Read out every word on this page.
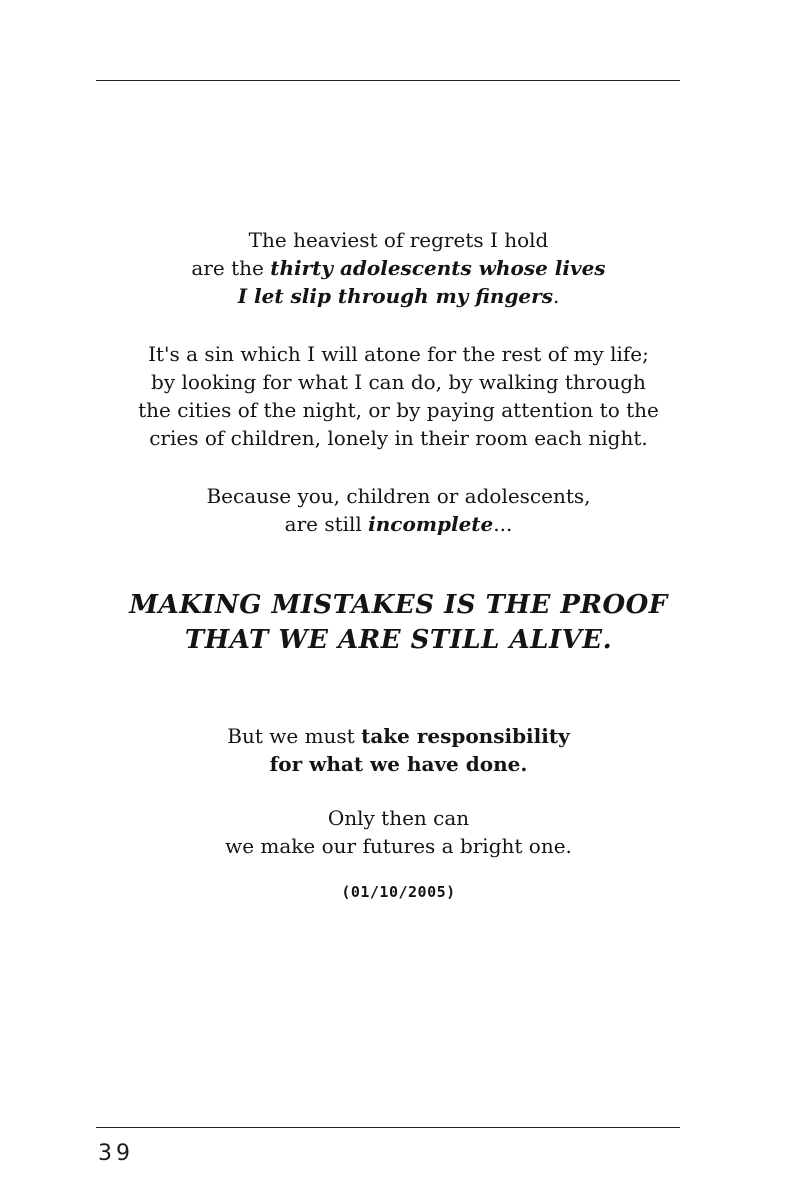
The heaviest of regrets I hold
are the thirty adolescents whose lives
I let slip through my fingers.

It's a sin which I will atone for the rest of my life;
by looking for what I can do, by walking through
the cities of the night, or by paying attention to the
cries of children, lonely in their room each night.

Because you, children or adolescents,
are still incomplete...

MAKING MISTAKES IS THE PROOF
THAT WE ARE STILL ALIVE.

But we must take responsibility
for what we have done.

Only then can
we make our futures a bright one.

(01/10/2005)

39
